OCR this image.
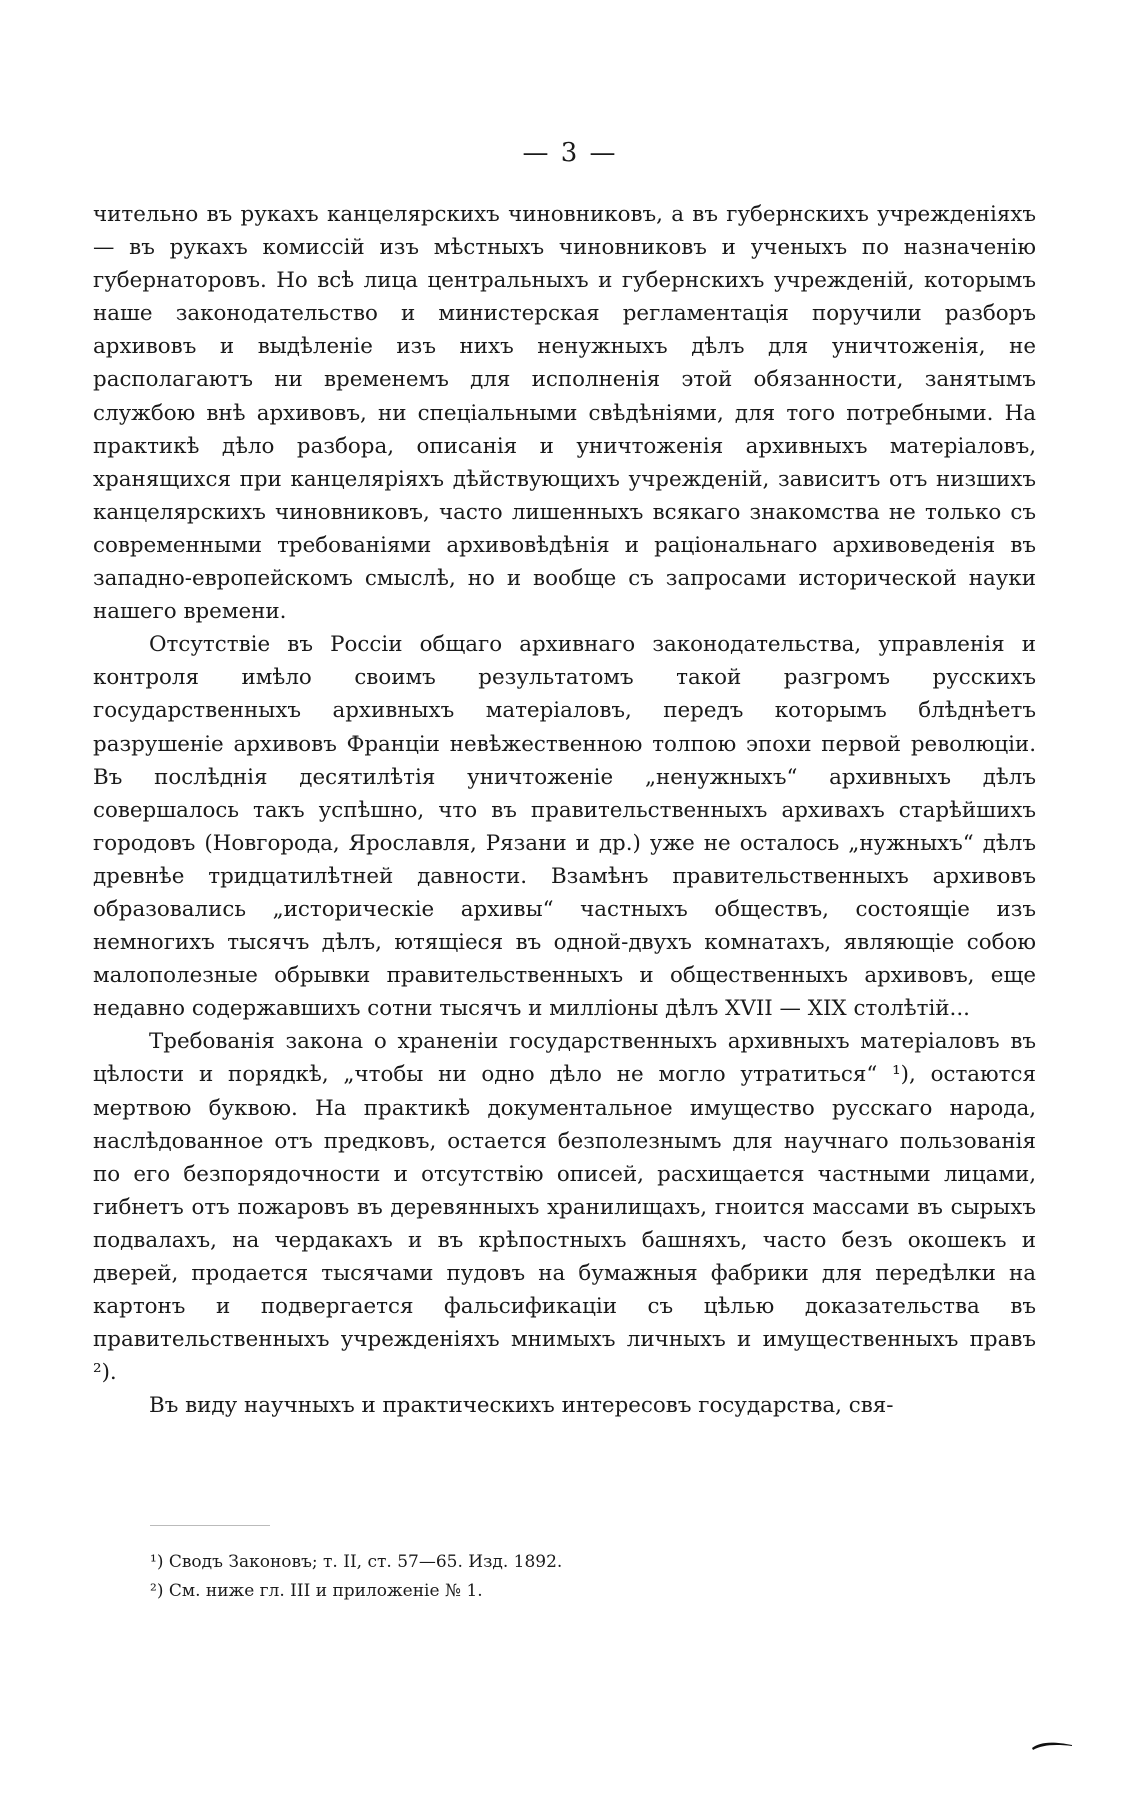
— 3 —

чительно въ рукахъ канцелярскихъ чиновниковъ, а въ губернскихъ учрежденiяхъ — въ рукахъ комиссiй изъ мѣстныхъ чиновниковъ и ученыхъ по назначенiю губернаторовъ. Но всѣ лица центральныхъ и губернскихъ учрежденiй, которымъ наше законодательство и министерская регламентацiя поручили разборъ архивовъ и выдѣленiе изъ нихъ ненужныхъ дѣлъ для уничтоженiя, не располагаютъ ни временемъ для исполненiя этой обязанности, занятымъ службою внѣ архивовъ, ни спецiальными свѣдѣнiями, для того потребными. На практикѣ дѣло разбора, описанiя и уничтоженiя архивныхъ матерiаловъ, хранящихся при канцелярiяхъ дѣйствующихъ учрежденiй, зависитъ отъ низшихъ канцелярскихъ чиновниковъ, часто лишенныхъ всякаго знакомства не только съ современными требованiями архивовѣдѣнiя и рацiональнаго архивоведенiя въ западно-европейскомъ смыслѣ, но и вообще съ запросами исторической науки нашего времени.

Отсутствiе въ Россiи общаго архивнаго законодательства, управленiя и контроля имѣло своимъ результатомъ такой разгромъ русскихъ государственныхъ архивныхъ матерiаловъ, передъ которымъ блѣднѣетъ разрушенiе архивовъ Францiи невѣжественною толпою эпохи первой революцiи. Въ послѣднiя десятилѣтiя уничтоженiе „ненужныхъ“ архивныхъ дѣлъ совершалось такъ успѣшно, что въ правительственныхъ архивахъ старѣйшихъ городовъ (Новгорода, Ярославля, Рязани и др.) уже не осталось „нужныхъ“ дѣлъ древнѣе тридцатилѣтней давности. Взамѣнъ правительственныхъ архивовъ образовались „историческiе архивы“ частныхъ обществъ, состоящiе изъ немногихъ тысячъ дѣлъ, ютящiеся въ одной-двухъ комнатахъ, являющiе собою малополезные обрывки правительственныхъ и общественныхъ архивовъ, еще недавно содержавшихъ сотни тысячъ и миллiоны дѣлъ XVII — XIX столѣтiй...

Требованiя закона о храненiи государственныхъ архивныхъ матерiаловъ въ цѣлости и порядкѣ, „чтобы ни одно дѣло не могло утратиться“ ¹), остаются мертвою буквою. На практикѣ документальное имущество русскаго народа, наслѣдованное отъ предковъ, остается безполезнымъ для научнаго пользованiя по его безпорядочности и отсутствiю описей, расхищается частными лицами, гибнетъ отъ пожаровъ въ деревянныхъ хранилищахъ, гноится массами въ сырыхъ подвалахъ, на чердакахъ и въ крѣпостныхъ башняхъ, часто безъ окошекъ и дверей, продается тысячами пудовъ на бумажныя фабрики для передѣлки на картонъ и подвергается фальсификацiи съ цѣлью доказательства въ правительственныхъ учрежденiяхъ мнимыхъ личныхъ и имущественныхъ правъ ²).

Въ виду научныхъ и практическихъ интересовъ государства, свя-

¹) Сводъ Законовъ; т. II, ст. 57—65. Изд. 1892.

²) См. ниже гл. III и приложенiе № 1.
